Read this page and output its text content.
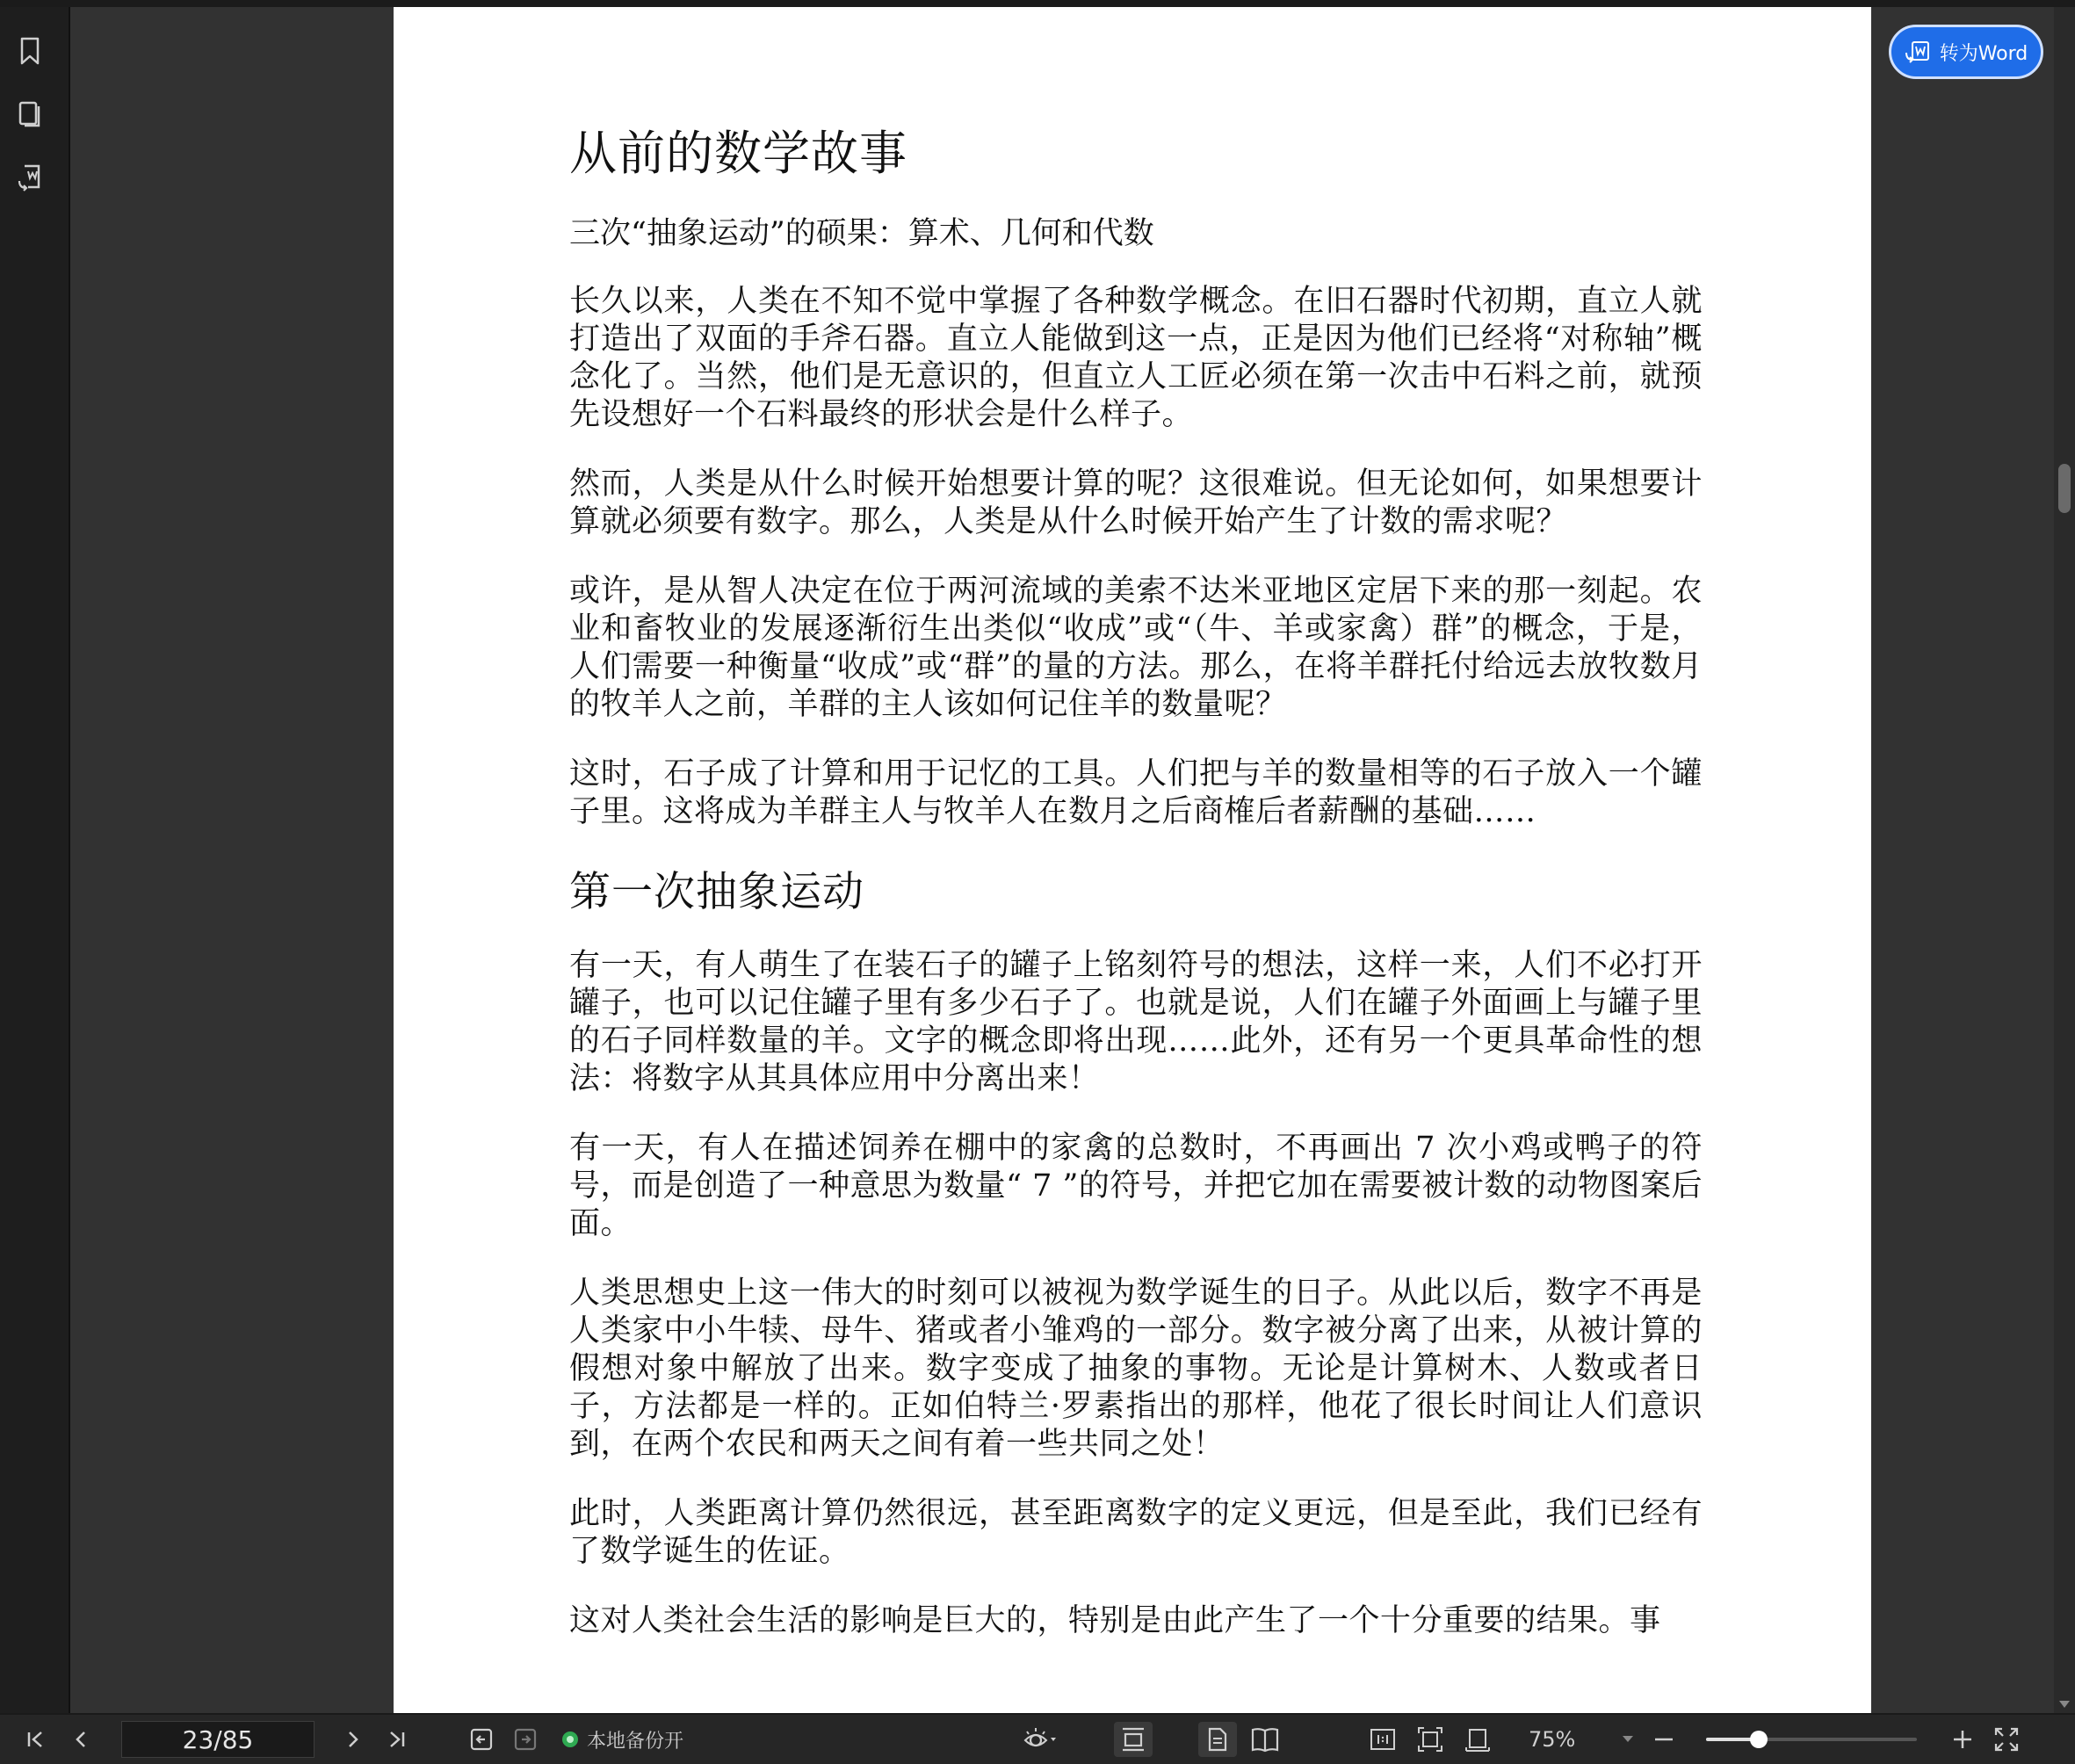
从前的数学故事
三次“抽象运动”的硕果：算术、几何和代数

长久以来，人类在不知不觉中掌握了各种数学概念。在旧石器时代初期，直立人就打造出了双面的手斧石器。直立人能做到这一点，正是因为他们已经将“对称轴”概念化了。当然，他们是无意识的，但直立人工匠必须在第一次击中石料之前，就预先设想好一个石料最终的形状会是什么样子。

然而，人类是从什么时候开始想要计算的呢？这很难说。但无论如何，如果想要计算就必须要有数字。那么，人类是从什么时候开始产生了计数的需求呢？

或许，是从智人决定在位于两河流域的美索不达米亚地区定居下来的那一刻起。农业和畜牧业的发展逐渐衍生出类似“收成”或“（牛、羊或家禽）群”的概念，于是，人们需要一种衡量“收成”或“群”的量的方法。那么，在将羊群托付给远去放牧数月的牧羊人之前，羊群的主人该如何记住羊的数量呢？

这时，石子成了计算和用于记忆的工具。人们把与羊的数量相等的石子放入一个罐子里。这将成为羊群主人与牧羊人在数月之后商榷后者薪酬的基础……

第一次抽象运动

有一天，有人萌生了在装石子的罐子上铭刻符号的想法，这样一来，人们不必打开罐子，也可以记住罐子里有多少石子了。也就是说，人们在罐子外面画上与罐子里的石子同样数量的羊。文字的概念即将出现……此外，还有另一个更具革命性的想法：将数字从其具体应用中分离出来！

有一天，有人在描述饲养在棚中的家禽的总数时，不再画出 7 次小鸡或鸭子的符号，而是创造了一种意思为数量“ 7 ”的符号，并把它加在需要被计数的动物图案后面。

人类思想史上这一伟大的时刻可以被视为数学诞生的日子。从此以后，数字不再是人类家中小牛犊、母牛、猪或者小雏鸡的一部分。数字被分离了出来，从被计算的假想对象中解放了出来。数字变成了抽象的事物。无论是计算树木、人数或者日子，方法都是一样的。正如伯特兰·罗素指出的那样，他花了很长时间让人们意识到，在两个农民和两天之间有着一些共同之处！

此时，人类距离计算仍然很远，甚至距离数字的定义更远，但是至此，我们已经有了数学诞生的佐证。

这对人类社会生活的影响是巨大的，特别是由此产生了一个十分重要的结果。事

转为Word
23/85	本地备份开	75%
